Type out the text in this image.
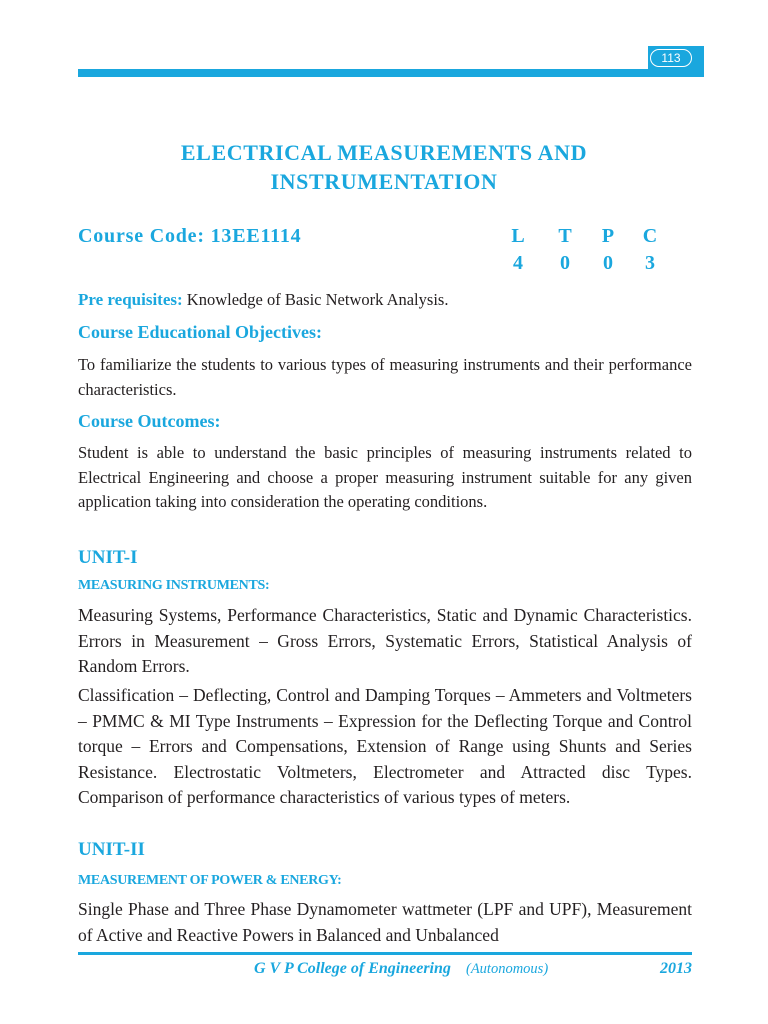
113
ELECTRICAL MEASUREMENTS AND INSTRUMENTATION

Course Code: 13EE1114	L T P C

4 0 0 3

Pre requisites: Knowledge of Basic Network Analysis.

Course Educational Objectives:

To familiarize the students to various types of measuring instruments and their performance characteristics.

Course Outcomes:

Student is able to understand the basic principles of measuring instruments related to Electrical Engineering and choose a proper measuring instrument suitable for any given application taking into consideration the operating conditions.

UNIT-I
MEASURING INSTRUMENTS:

Measuring Systems, Performance Characteristics, Static and Dynamic Characteristics. Errors in Measurement – Gross Errors, Systematic Errors, Statistical Analysis of Random Errors.

Classification – Deflecting, Control and Damping Torques – Ammeters and Voltmeters – PMMC & MI Type Instruments – Expression for the Deflecting Torque and Control torque – Errors and Compensations, Extension of Range using Shunts and Series Resistance. Electrostatic Voltmeters, Electrometer and Attracted disc Types. Comparison of performance characteristics of various types of meters.

UNIT-II
MEASUREMENT OF POWER & ENERGY:

Single Phase and Three Phase Dynamometer wattmeter (LPF and UPF), Measurement of Active and Reactive Powers in Balanced and Unbalanced

G V P College of Engineering (Autonomous)	2013
